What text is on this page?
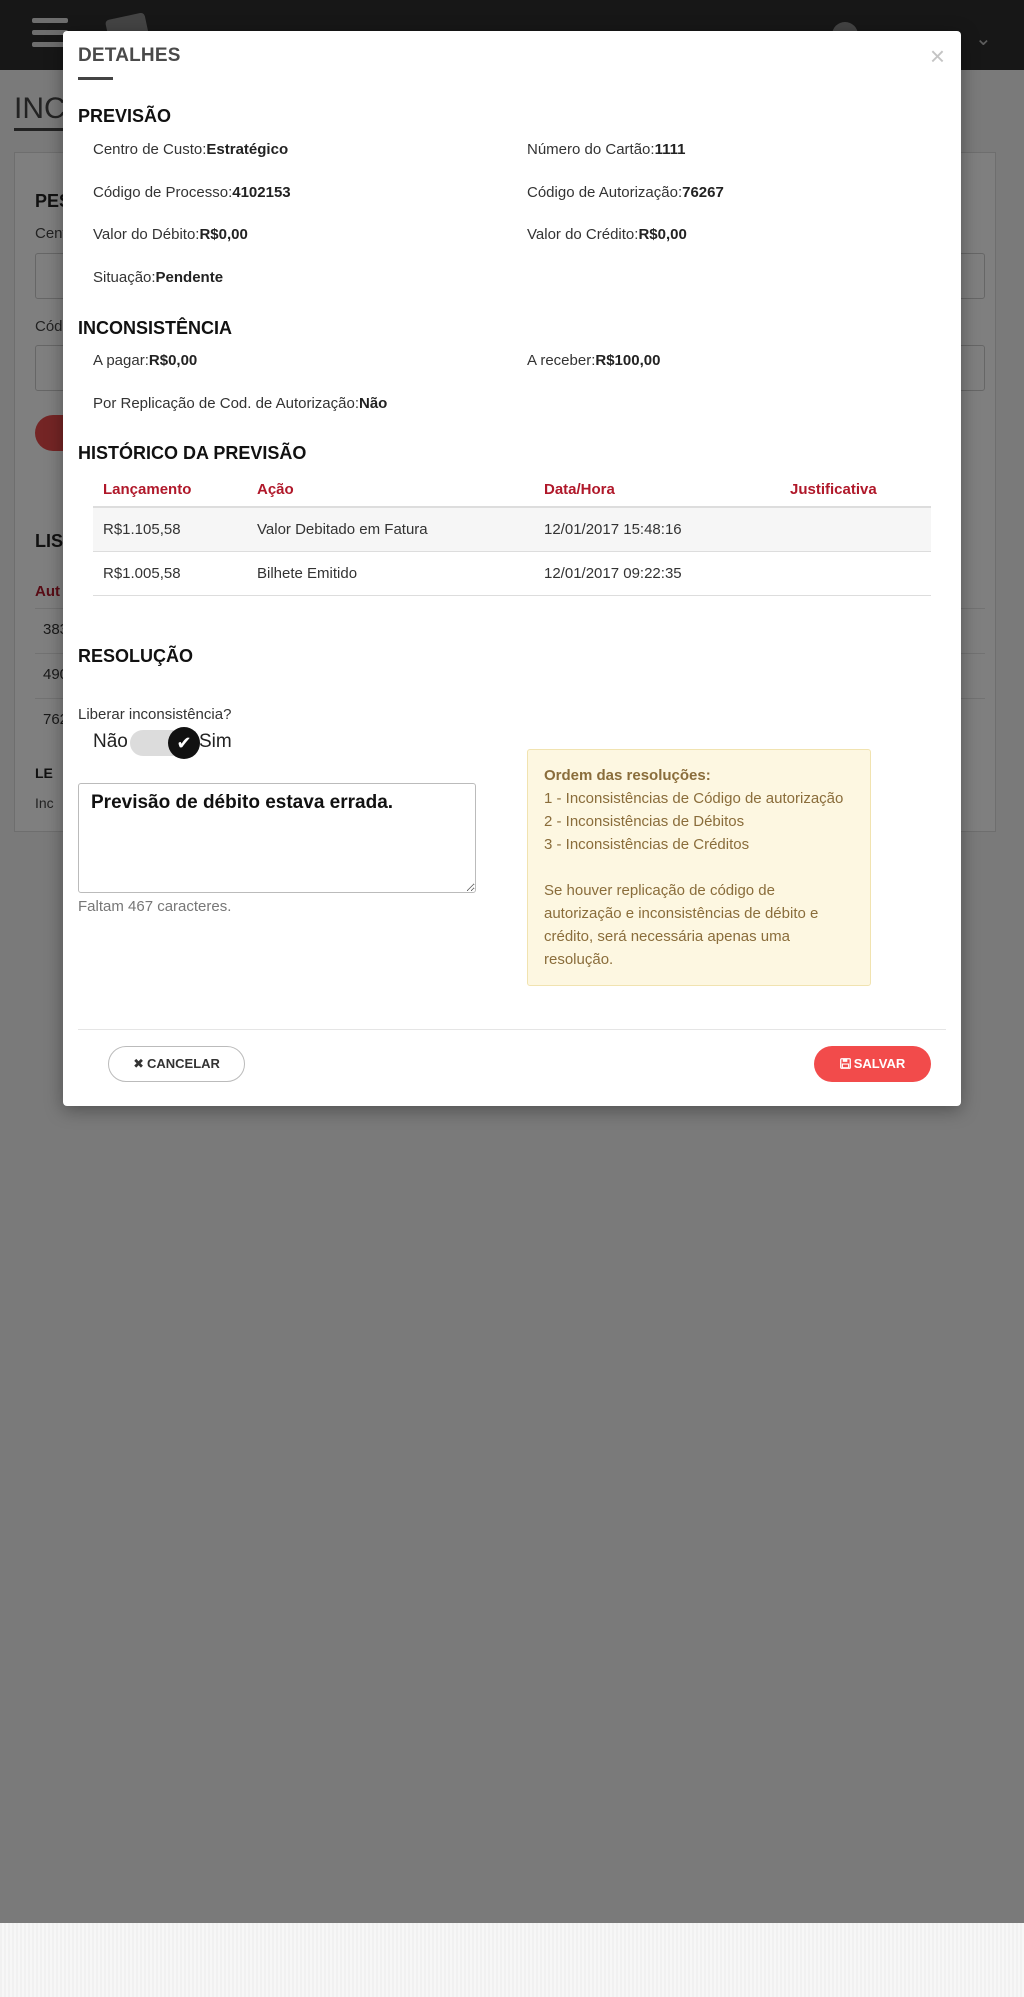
DETALHES	×
PREVISÃO
Centro de Custo:Estratégico	Número do Cartão:1111
Código de Processo:4102153	Código de Autorização:76267
Valor do Débito:R$0,00	Valor do Crédito:R$0,00
Situação:Pendente
INCONSISTÊNCIA
A pagar:R$0,00	A receber:R$100,00
Por Replicação de Cod. de Autorização:Não
HISTÓRICO DA PREVISÃO
Lançamento	Ação	Data/Hora	Justificativa
R$1.105,58	Valor Debitado em Fatura	12/01/2017 15:48:16	
R$1.005,58	Bilhete Emitido	12/01/2017 09:22:35	
RESOLUÇÃO
Liberar inconsistência?
Não	✔ Sim
Previsão de débito estava errada.
Faltam 467 caracteres.
Ordem das resoluções:
1 - Inconsistências de Código de autorização
2 - Inconsistências de Débitos
3 - Inconsistências de Créditos
Se houver replicação de código de autorização e inconsistências de débito e crédito, será necessária apenas uma resolução.
✖ CANCELAR	SALVAR
